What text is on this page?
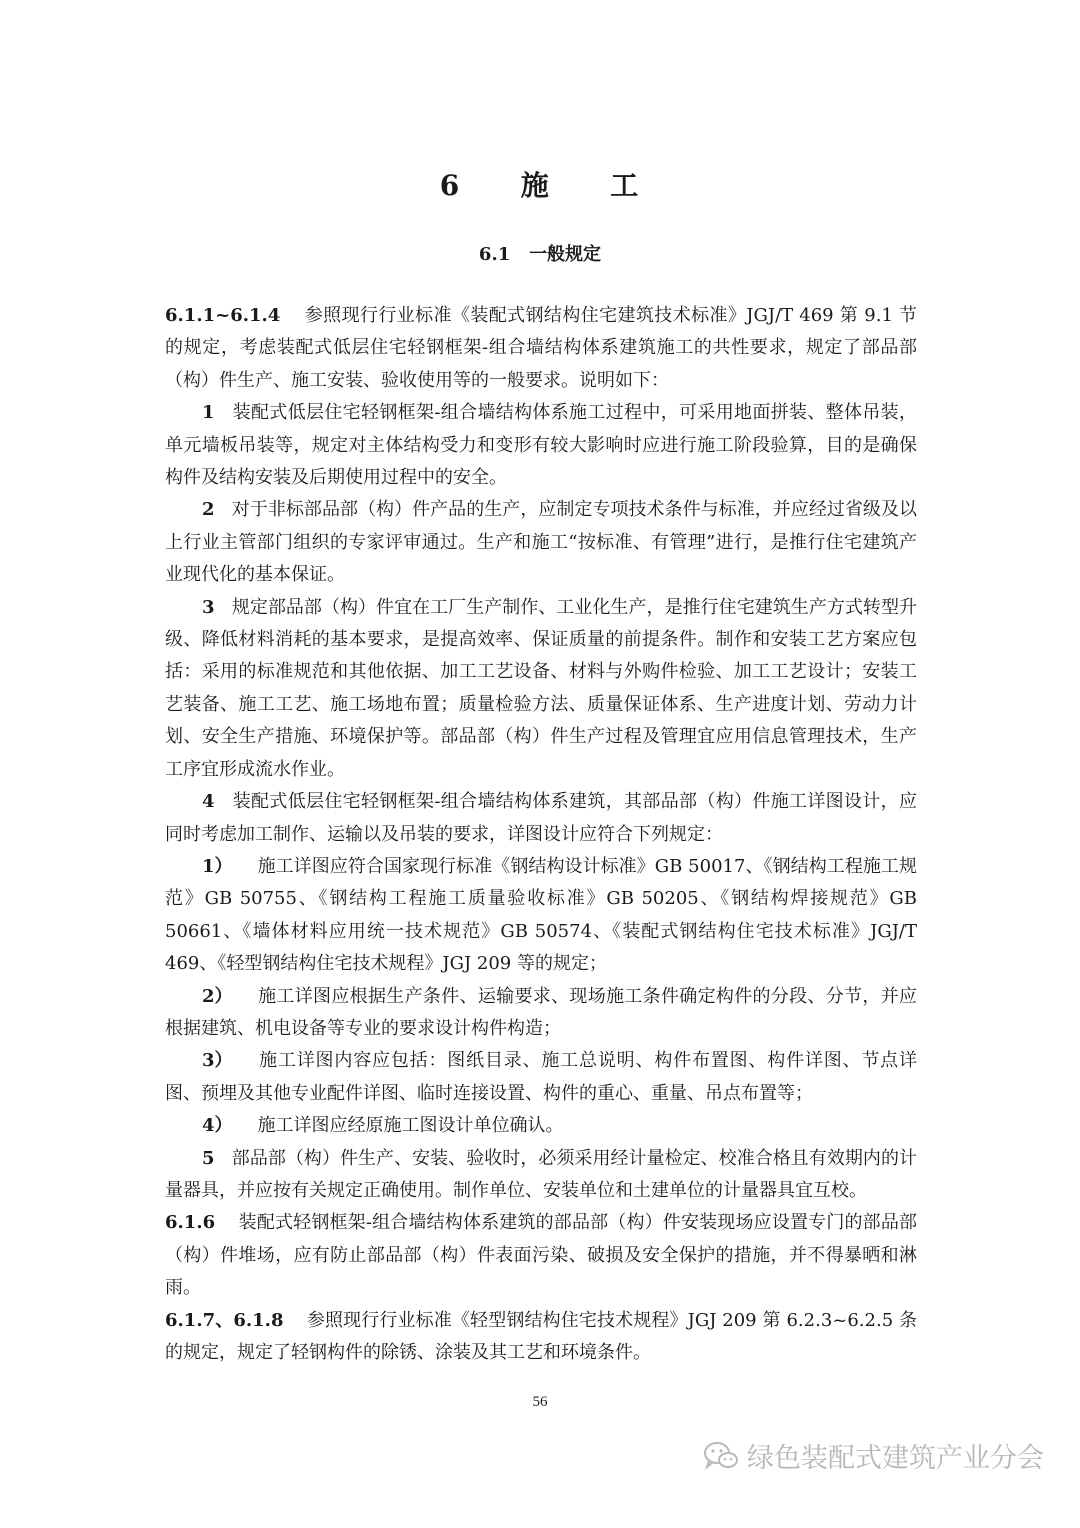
6 施  工
6.1 一般规定

6.1.1~6.1.4 参照现行行业标准《装配式钢结构住宅建筑技术标准》JGJ/T 469 第 9.1 节的规定，考虑装配式低层住宅轻钢框架-组合墙结构体系建筑施工的共性要求，规定了部品部（构）件生产、施工安装、验收使用等的一般要求。说明如下：

1 装配式低层住宅轻钢框架-组合墙结构体系施工过程中，可采用地面拼装、整体吊装，单元墙板吊装等，规定对主体结构受力和变形有较大影响时应进行施工阶段验算，目的是确保构件及结构安装及后期使用过程中的安全。

2 对于非标部品部（构）件产品的生产，应制定专项技术条件与标准，并应经过省级及以上行业主管部门组织的专家评审通过。生产和施工“按标准、有管理”进行，是推行住宅建筑产业现代化的基本保证。

3 规定部品部（构）件宜在工厂生产制作、工业化生产，是推行住宅建筑生产方式转型升级、降低材料消耗的基本要求，是提高效率、保证质量的前提条件。制作和安装工艺方案应包括：采用的标准规范和其他依据、加工工艺设备、材料与外购件检验、加工工艺设计；安装工艺装备、施工工艺、施工场地布置；质量检验方法、质量保证体系、生产进度计划、劳动力计划、安全生产措施、环境保护等。部品部（构）件生产过程及管理宜应用信息管理技术，生产工序宜形成流水作业。

4 装配式低层住宅轻钢框架-组合墙结构体系建筑，其部品部（构）件施工详图设计，应同时考虑加工制作、运输以及吊装的要求，详图设计应符合下列规定：

1） 施工详图应符合国家现行标准《钢结构设计标准》GB 50017、《钢结构工程施工规范》GB 50755、《钢结构工程施工质量验收标准》GB 50205、《钢结构焊接规范》GB 50661、《墙体材料应用统一技术规范》GB 50574、《装配式钢结构住宅技术标准》JGJ/T 469、《轻型钢结构住宅技术规程》JGJ 209 等的规定；

2） 施工详图应根据生产条件、运输要求、现场施工条件确定构件的分段、分节，并应根据建筑、机电设备等专业的要求设计构件构造；

3） 施工详图内容应包括：图纸目录、施工总说明、构件布置图、构件详图、节点详图、预埋及其他专业配件详图、临时连接设置、构件的重心、重量、吊点布置等；

4） 施工详图应经原施工图设计单位确认。

5 部品部（构）件生产、安装、验收时，必须采用经计量检定、校准合格且有效期内的计量器具，并应按有关规定正确使用。制作单位、安装单位和土建单位的计量器具宜互校。

6.1.6 装配式轻钢框架-组合墙结构体系建筑的部品部（构）件安装现场应设置专门的部品部（构）件堆场，应有防止部品部（构）件表面污染、破损及安全保护的措施，并不得暴晒和淋雨。

6.1.7、6.1.8 参照现行行业标准《轻型钢结构住宅技术规程》JGJ 209 第 6.2.3~6.2.5 条的规定，规定了轻钢构件的除锈、涂装及其工艺和环境条件。

56
绿色装配式建筑产业分会
